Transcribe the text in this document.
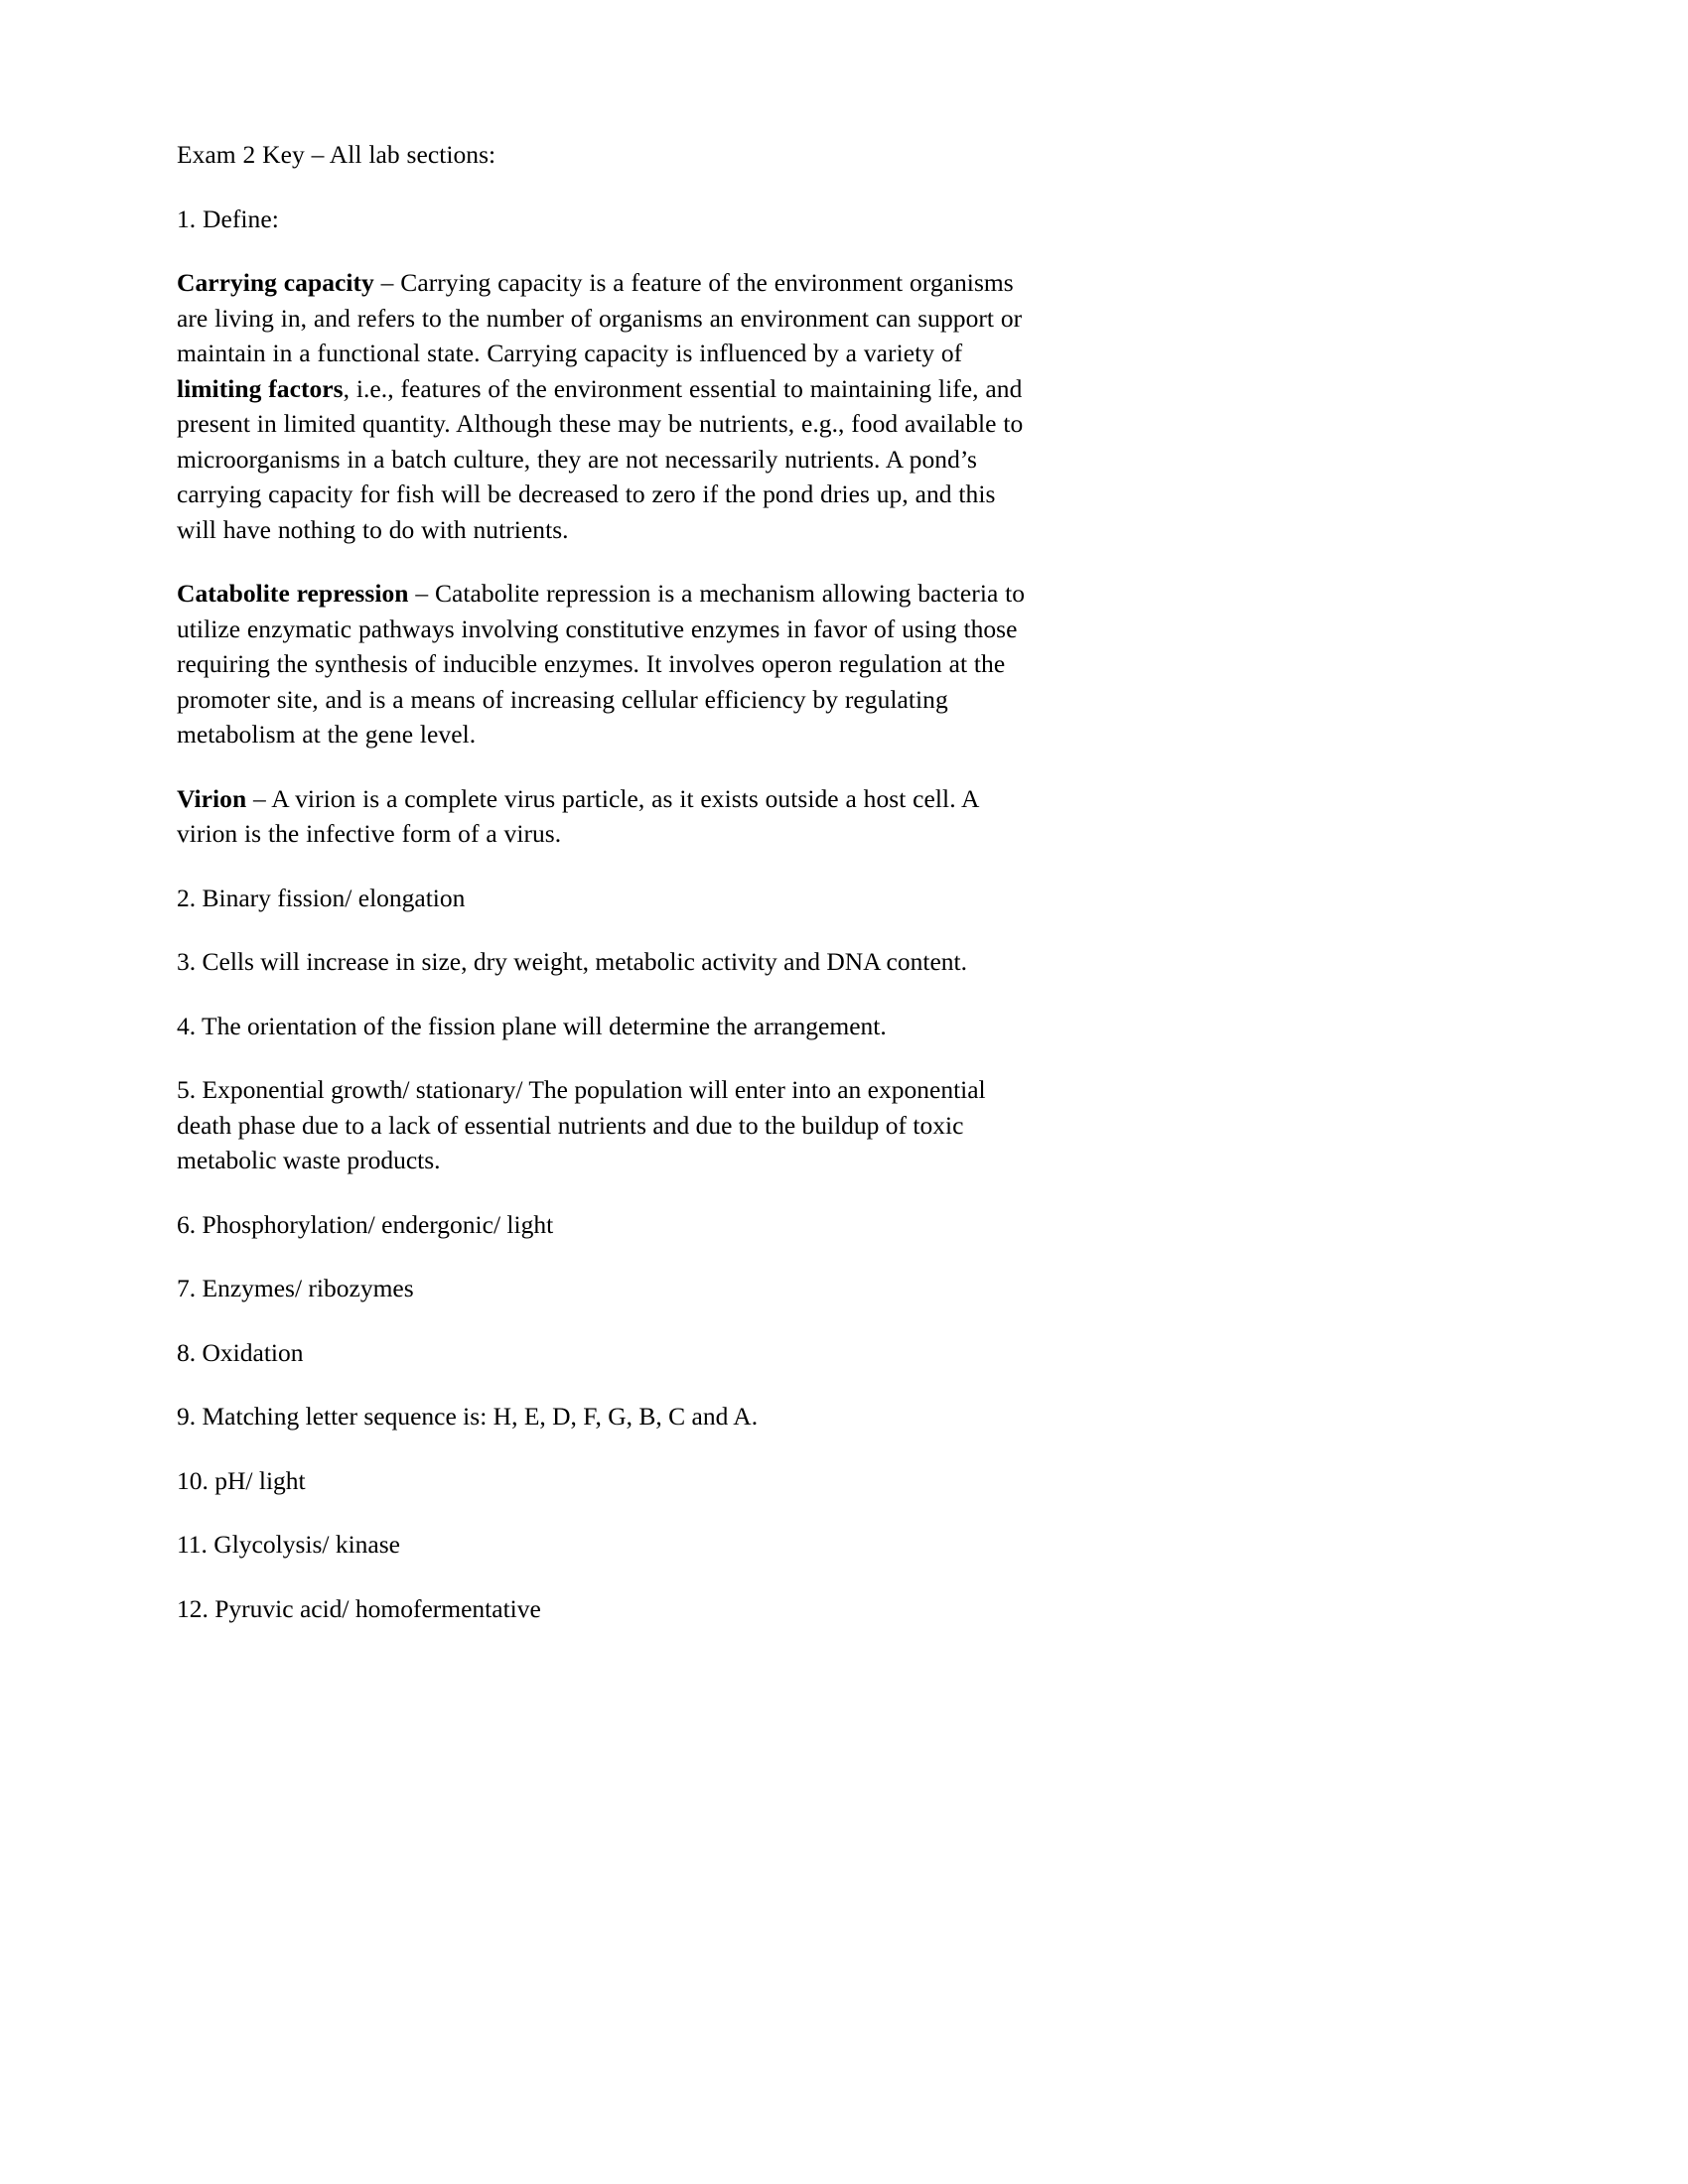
Exam 2 Key – All lab sections:

1. Define:

Carrying capacity – Carrying capacity is a feature of the environment organisms are living in, and refers to the number of organisms an environment can support or maintain in a functional state. Carrying capacity is influenced by a variety of limiting factors, i.e., features of the environment essential to maintaining life, and present in limited quantity. Although these may be nutrients, e.g., food available to microorganisms in a batch culture, they are not necessarily nutrients. A pond’s carrying capacity for fish will be decreased to zero if the pond dries up, and this will have nothing to do with nutrients.

Catabolite repression – Catabolite repression is a mechanism allowing bacteria to utilize enzymatic pathways involving constitutive enzymes in favor of using those requiring the synthesis of inducible enzymes. It involves operon regulation at the promoter site, and is a means of increasing cellular efficiency by regulating metabolism at the gene level.

Virion – A virion is a complete virus particle, as it exists outside a host cell. A virion is the infective form of a virus.

2. Binary fission/ elongation

3. Cells will increase in size, dry weight, metabolic activity and DNA content.

4. The orientation of the fission plane will determine the arrangement.

5. Exponential growth/ stationary/ The population will enter into an exponential death phase due to a lack of essential nutrients and due to the buildup of toxic metabolic waste products.

6. Phosphorylation/ endergonic/ light

7. Enzymes/ ribozymes

8. Oxidation

9. Matching letter sequence is: H, E, D, F, G, B, C and A.

10. pH/ light

11. Glycolysis/ kinase

12. Pyruvic acid/ homofermentative
